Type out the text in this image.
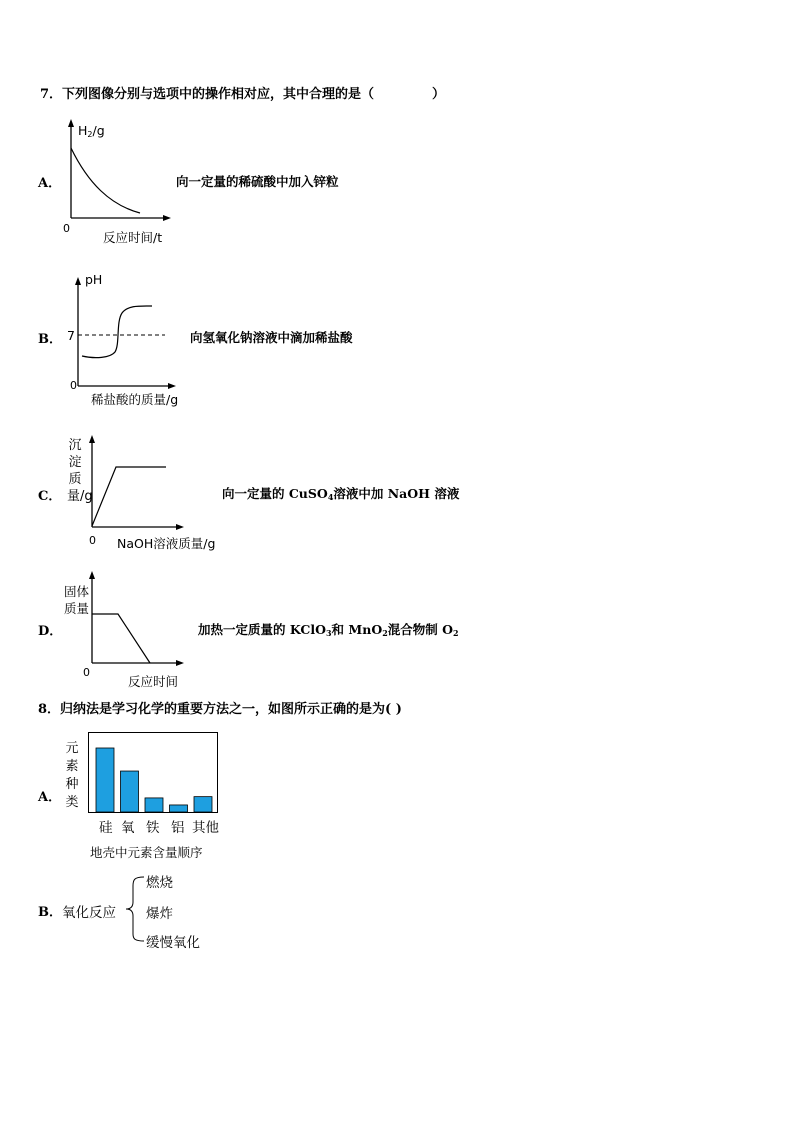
7．下列图像分别与选项中的操作相对应，其中合理的是（	）
A．
$H_2/g$
0
反应时间/t
向一定量的稀硫酸中加入锌粒
B．
pH
7
0
稀盐酸的质量/g
向氢氧化钠溶液中滴加稀盐酸
C．
沉淀质量/g
0 NaOH溶液质量/g
向一定量的 CuSO$_4$溶液中加 NaOH 溶液
D．
固体质量
0
反应时间
加热一定质量的 KClO$_3$和 MnO$_2$混合物制 $O_2$
8．归纳法是学习化学的重要方法之一，如图所示正确的是为( )
A．
元素种类
硅 氧 铁 铝 其他
地壳中元素含量顺序
B． 氧化反应
燃烧
爆炸
缓慢氧化
